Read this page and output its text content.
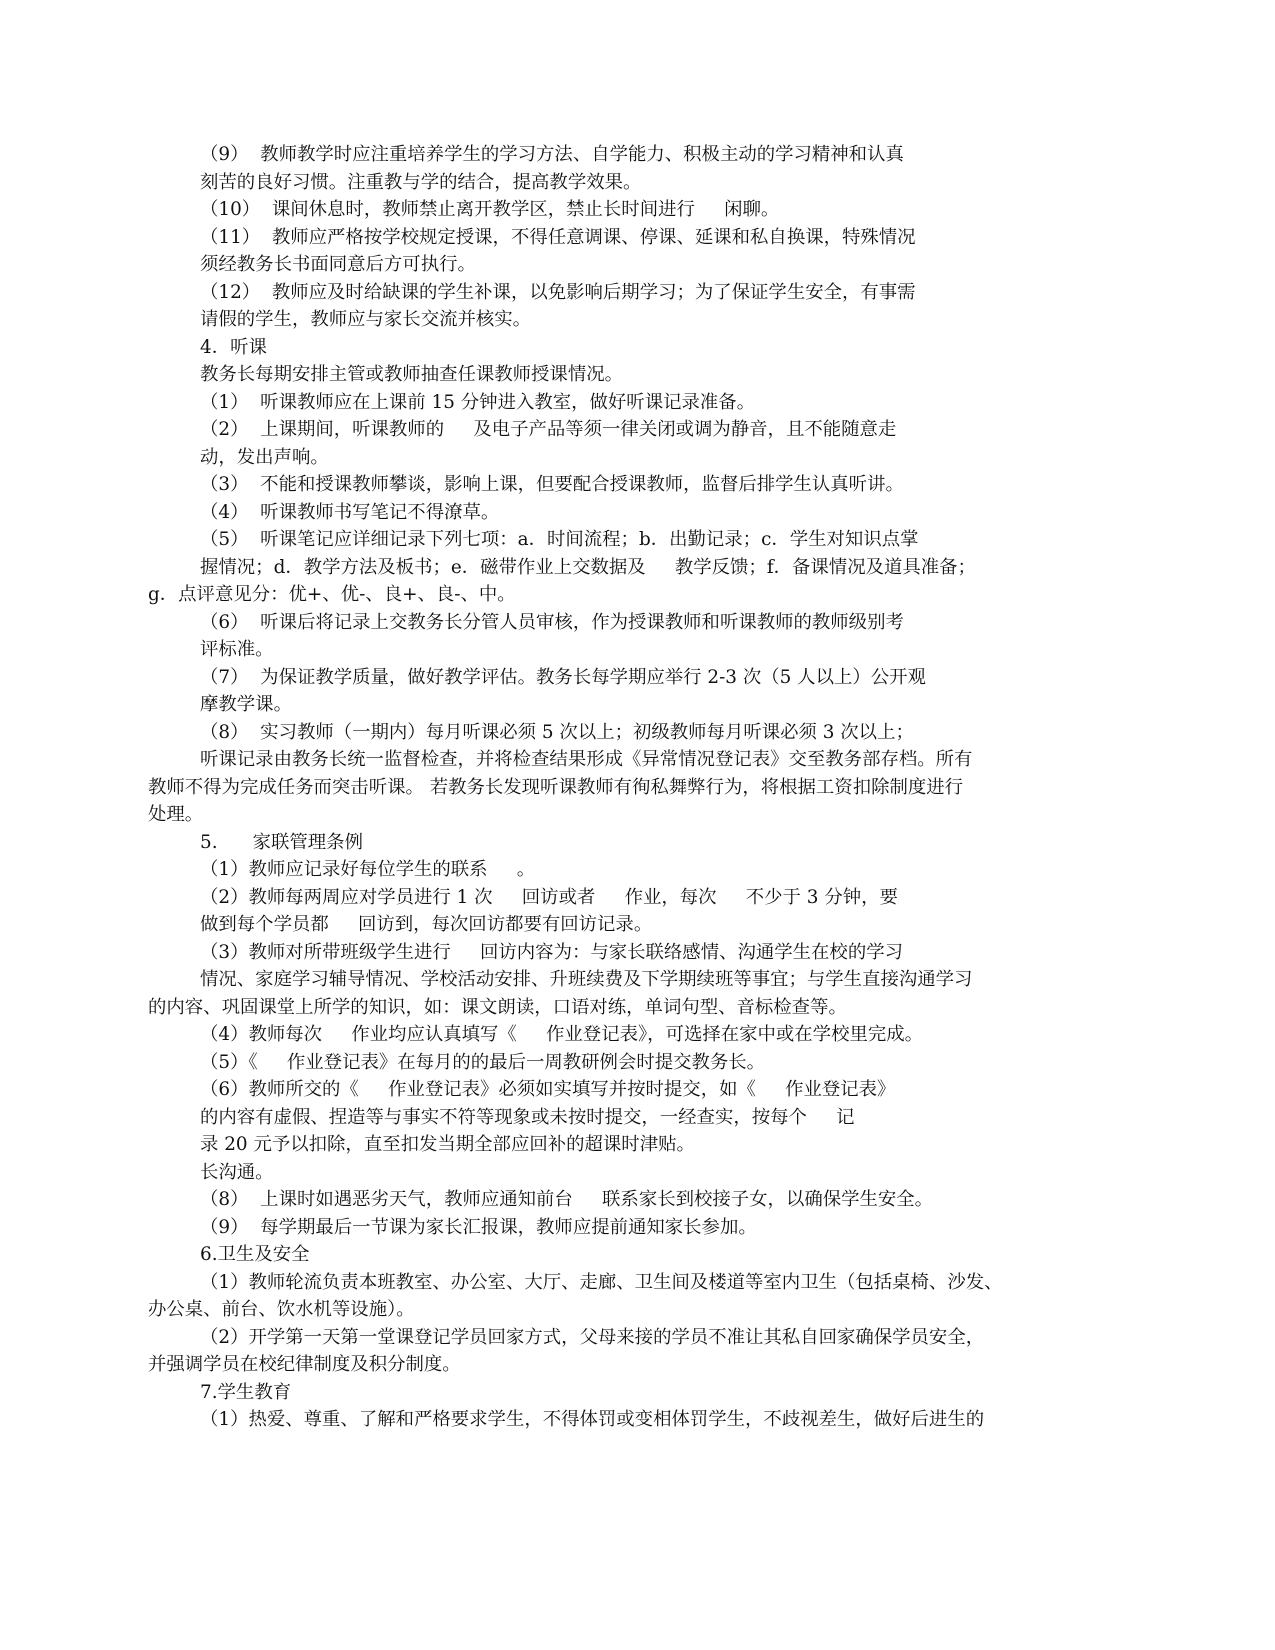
（9）  教师教学时应注重培养学生的学习方法、自学能力、积极主动的学习精神和认真
刻苦的良好习惯。注重教与学的结合，提高教学效果。
（10）  课间休息时，教师禁止离开教学区，禁止长时间进行     闲聊。
（11）  教师应严格按学校规定授课，不得任意调课、停课、延课和私自换课，特殊情况
须经教务长书面同意后方可执行。
（12）  教师应及时给缺课的学生补课，以免影响后期学习；为了保证学生安全，有事需
请假的学生，教师应与家长交流并核实。
4．听课
教务长每期安排主管或教师抽查任课教师授课情况。
（1）  听课教师应在上课前 15 分钟进入教室，做好听课记录准备。
（2）  上课期间，听课教师的     及电子产品等须一律关闭或调为静音，且不能随意走
动，发出声响。
（3）  不能和授课教师攀谈，影响上课，但要配合授课教师，监督后排学生认真听讲。
（4）  听课教师书写笔记不得潦草。
（5）  听课笔记应详细记录下列七项：a．时间流程；b．出勤记录；c．学生对知识点掌
握情况；d．教学方法及板书；e．磁带作业上交数据及     教学反馈；f．备课情况及道具准备；
g．点评意见分：优+、优-、良+、良-、中。
（6）  听课后将记录上交教务长分管人员审核，作为授课教师和听课教师的教师级别考
评标准。
（7）  为保证教学质量，做好教学评估。教务长每学期应举行 2-3 次（5 人以上）公开观
摩教学课。
（8）  实习教师（一期内）每月听课必须 5 次以上；初级教师每月听课必须 3 次以上；
听课记录由教务长统一监督检查，并将检查结果形成《异常情况登记表》交至教务部存档。所有
教师不得为完成任务而突击听课。 若教务长发现听课教师有徇私舞弊行为，将根据工资扣除制度进行
处理。
5.      家联管理条例
（1）教师应记录好每位学生的联系     。
（2）教师每两周应对学员进行 1 次     回访或者     作业，每次     不少于 3 分钟，要
做到每个学员都     回访到，每次回访都要有回访记录。
（3）教师对所带班级学生进行     回访内容为：与家长联络感情、沟通学生在校的学习
情况、家庭学习辅导情况、学校活动安排、升班续费及下学期续班等事宜；与学生直接沟通学习
的内容、巩固课堂上所学的知识，如：课文朗读，口语对练，单词句型、音标检查等。
（4）教师每次     作业均应认真填写《     作业登记表》，可选择在家中或在学校里完成。
（5）《     作业登记表》在每月的的最后一周教研例会时提交教务长。
（6）教师所交的《     作业登记表》必须如实填写并按时提交，如《     作业登记表》
的内容有虚假、捏造等与事实不符等现象或未按时提交，一经查实，按每个     记
录 20 元予以扣除，直至扣发当期全部应回补的超课时津贴。
长沟通。
（8）  上课时如遇恶劣天气，教师应通知前台     联系家长到校接子女，以确保学生安全。
（9）  每学期最后一节课为家长汇报课，教师应提前通知家长参加。
6.卫生及安全
（1）教师轮流负责本班教室、办公室、大厅、走廊、卫生间及楼道等室内卫生（包括桌椅、沙发、
办公桌、前台、饮水机等设施）。
（2）开学第一天第一堂课登记学员回家方式，父母来接的学员不准让其私自回家确保学员安全，
并强调学员在校纪律制度及积分制度。
7.学生教育
（1）热爱、尊重、了解和严格要求学生，不得体罚或变相体罚学生，不歧视差生，做好后进生的
